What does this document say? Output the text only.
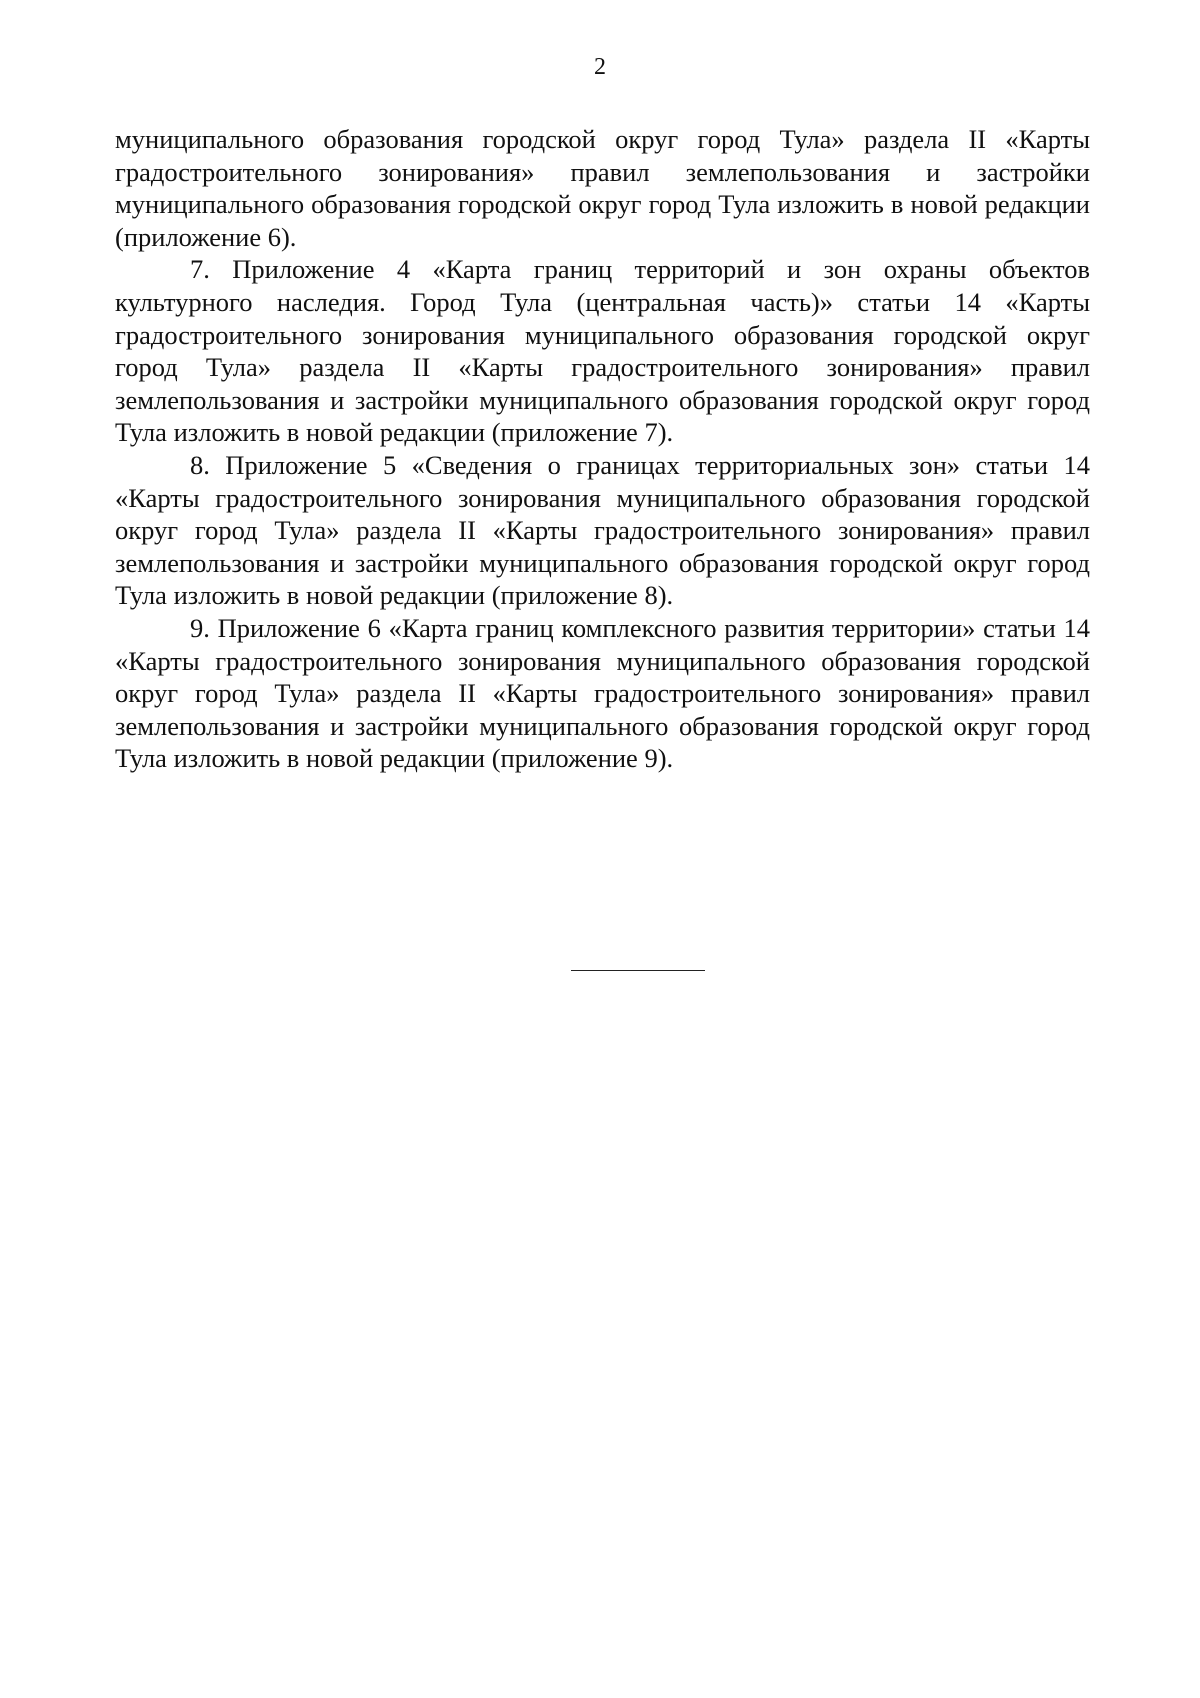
2

муниципального образования городской округ город Тула» раздела II «Карты градостроительного зонирования» правил землепользования и застройки муниципального образования городской округ город Тула изложить в новой редакции (приложение 6).

7. Приложение 4 «Карта границ территорий и зон охраны объектов культурного наследия. Город Тула (центральная часть)» статьи 14 «Карты градостроительного зонирования муниципального образования городской округ город Тула» раздела II «Карты градостроительного зонирования» правил землепользования и застройки муниципального образования городской округ город Тула изложить в новой редакции (приложение 7).

8. Приложение 5 «Сведения о границах территориальных зон» статьи 14 «Карты градостроительного зонирования муниципального образования городской округ город Тула» раздела II «Карты градостроительного зонирования» правил землепользования и застройки муниципального образования городской округ город Тула изложить в новой редакции (приложение 8).

9. Приложение 6 «Карта границ комплексного развития территории» статьи 14 «Карты градостроительного зонирования муниципального образования городской округ город Тула» раздела II «Карты градостроительного зонирования» правил землепользования и застройки муниципального образования городской округ город Тула изложить в новой редакции (приложение 9).
